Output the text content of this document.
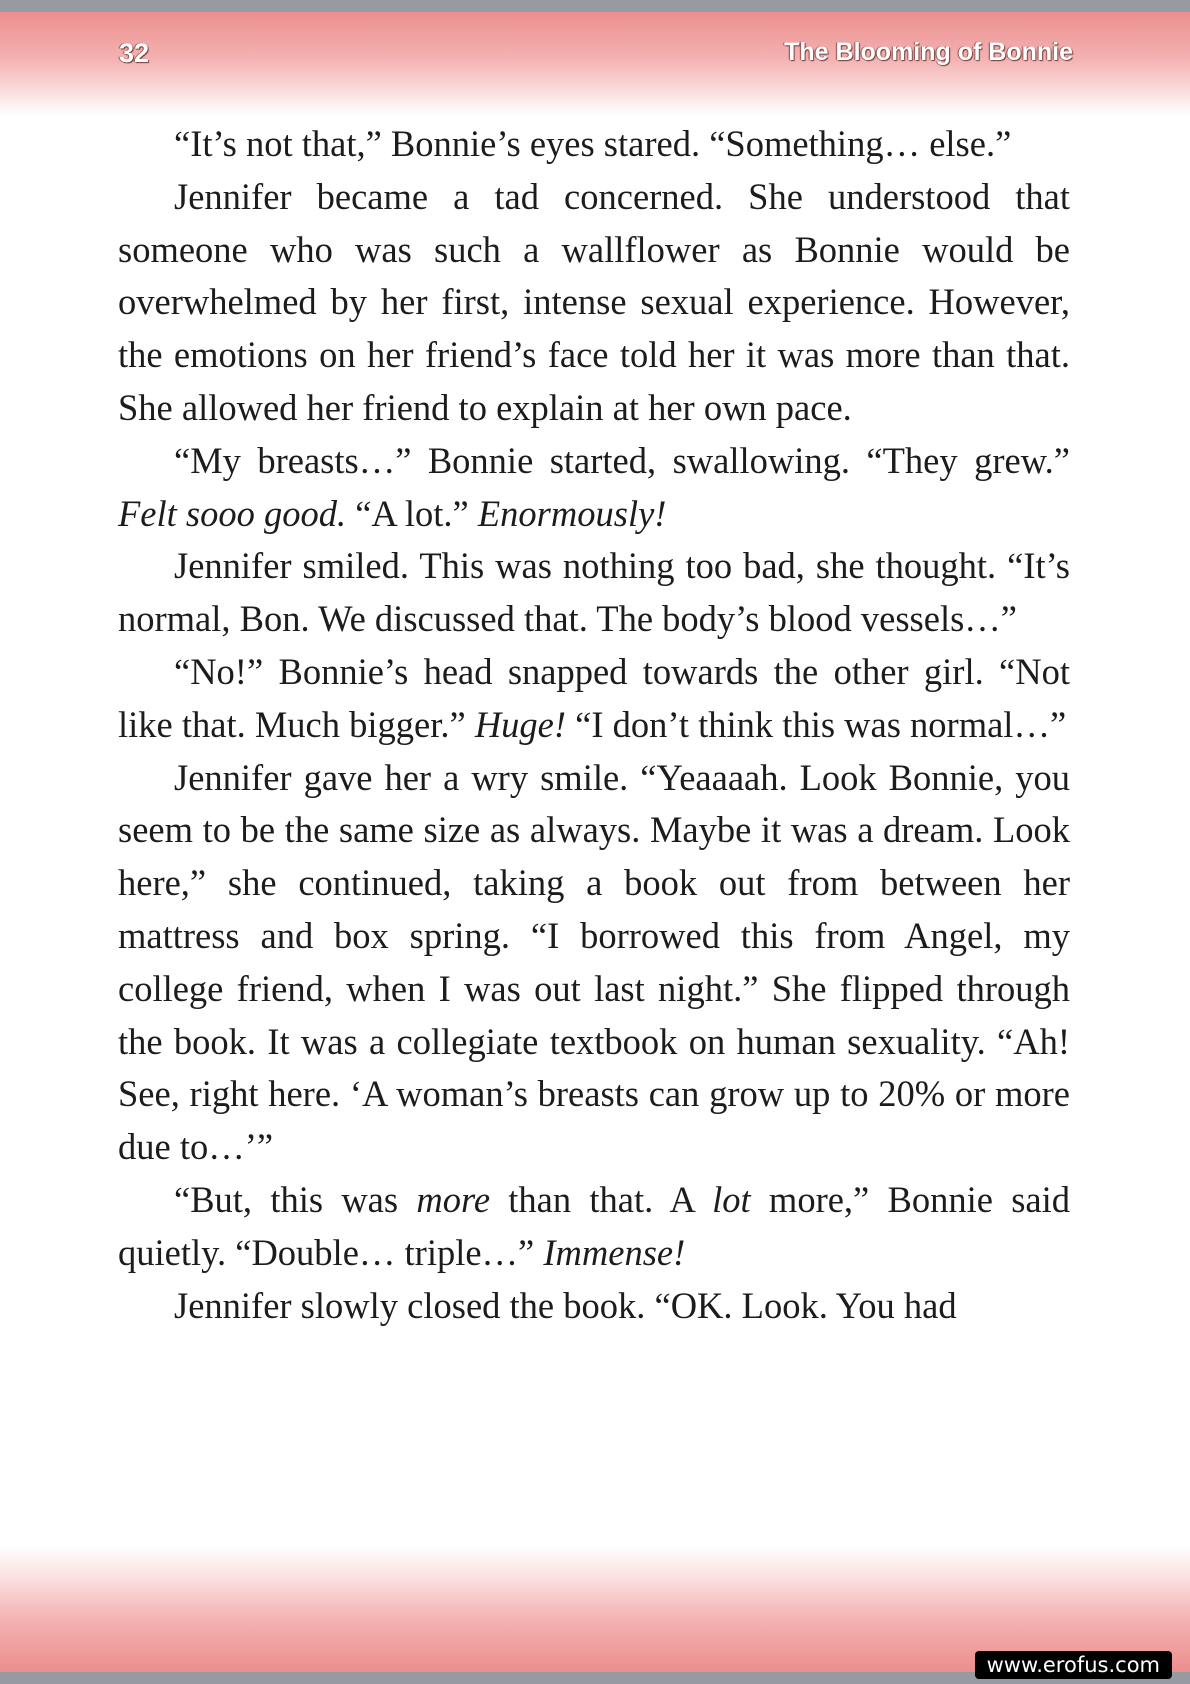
32	The Blooming of Bonnie

“It’s not that,” Bonnie’s eyes stared. “Something… else.”

Jennifer became a tad concerned. She understood that someone who was such a wallflower as Bonnie would be overwhelmed by her first, intense sexual experience. However, the emotions on her friend’s face told her it was more than that. She allowed her friend to explain at her own pace.

“My breasts…” Bonnie started, swallowing. “They grew.” Felt sooo good. “A lot.” Enormously!

Jennifer smiled. This was nothing too bad, she thought. “It’s normal, Bon. We discussed that. The body’s blood vessels…”

“No!” Bonnie’s head snapped towards the other girl. “Not like that. Much bigger.” Huge! “I don’t think this was normal…”

Jennifer gave her a wry smile. “Yeaaaah. Look Bonnie, you seem to be the same size as always. Maybe it was a dream. Look here,” she continued, taking a book out from between her mattress and box spring. “I borrowed this from Angel, my college friend, when I was out last night.” She flipped through the book. It was a collegiate textbook on human sexuality. “Ah! See, right here. ‘A woman’s breasts can grow up to 20% or more due to…’”

“But, this was more than that. A lot more,” Bonnie said quietly. “Double… triple…” Immense!

Jennifer slowly closed the book. “OK. Look. You had

www.erofus.com
